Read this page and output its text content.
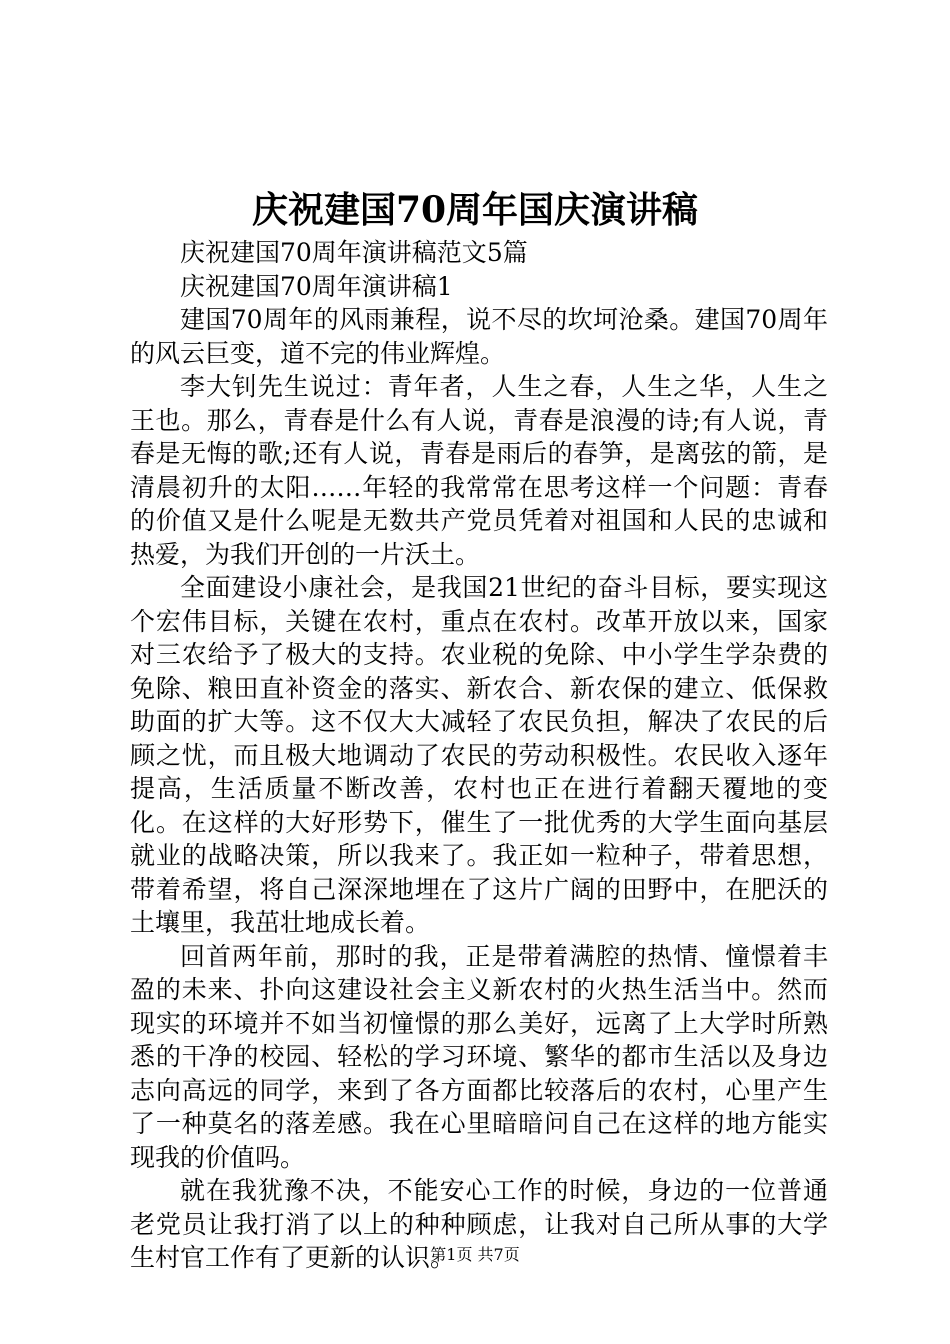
庆祝建国70周年国庆演讲稿

庆祝建国70周年演讲稿范文5篇

庆祝建国70周年演讲稿1

建国70周年的风雨兼程，说不尽的坎坷沧桑。建国70周年的风云巨变，道不完的伟业辉煌。

李大钊先生说过：青年者，人生之春，人生之华，人生之王也。那么，青春是什么有人说，青春是浪漫的诗;有人说，青春是无悔的歌;还有人说，青春是雨后的春笋，是离弦的箭，是清晨初升的太阳……年轻的我常常在思考这样一个问题：青春的价值又是什么呢是无数共产党员凭着对祖国和人民的忠诚和热爱，为我们开创的一片沃土。

全面建设小康社会，是我国21世纪的奋斗目标，要实现这个宏伟目标，关键在农村，重点在农村。改革开放以来，国家对三农给予了极大的支持。农业税的免除、中小学生学杂费的免除、粮田直补资金的落实、新农合、新农保的建立、低保救助面的扩大等。这不仅大大减轻了农民负担，解决了农民的后顾之忧，而且极大地调动了农民的劳动积极性。农民收入逐年提高，生活质量不断改善，农村也正在进行着翻天覆地的变化。在这样的大好形势下，催生了一批优秀的大学生面向基层就业的战略决策，所以我来了。我正如一粒种子，带着思想，带着希望，将自己深深地埋在了这片广阔的田野中，在肥沃的土壤里，我茁壮地成长着。

回首两年前，那时的我，正是带着满腔的热情、憧憬着丰盈的未来、扑向这建设社会主义新农村的火热生活当中。然而现实的环境并不如当初憧憬的那么美好，远离了上大学时所熟悉的干净的校园、轻松的学习环境、繁华的都市生活以及身边志向高远的同学，来到了各方面都比较落后的农村，心里产生了一种莫名的落差感。我在心里暗暗问自己在这样的地方能实现我的价值吗。

就在我犹豫不决，不能安心工作的时候，身边的一位普通老党员让我打消了以上的种种顾虑，让我对自己所从事的大学生村官工作有了更新的认识。

第1页 共7页
